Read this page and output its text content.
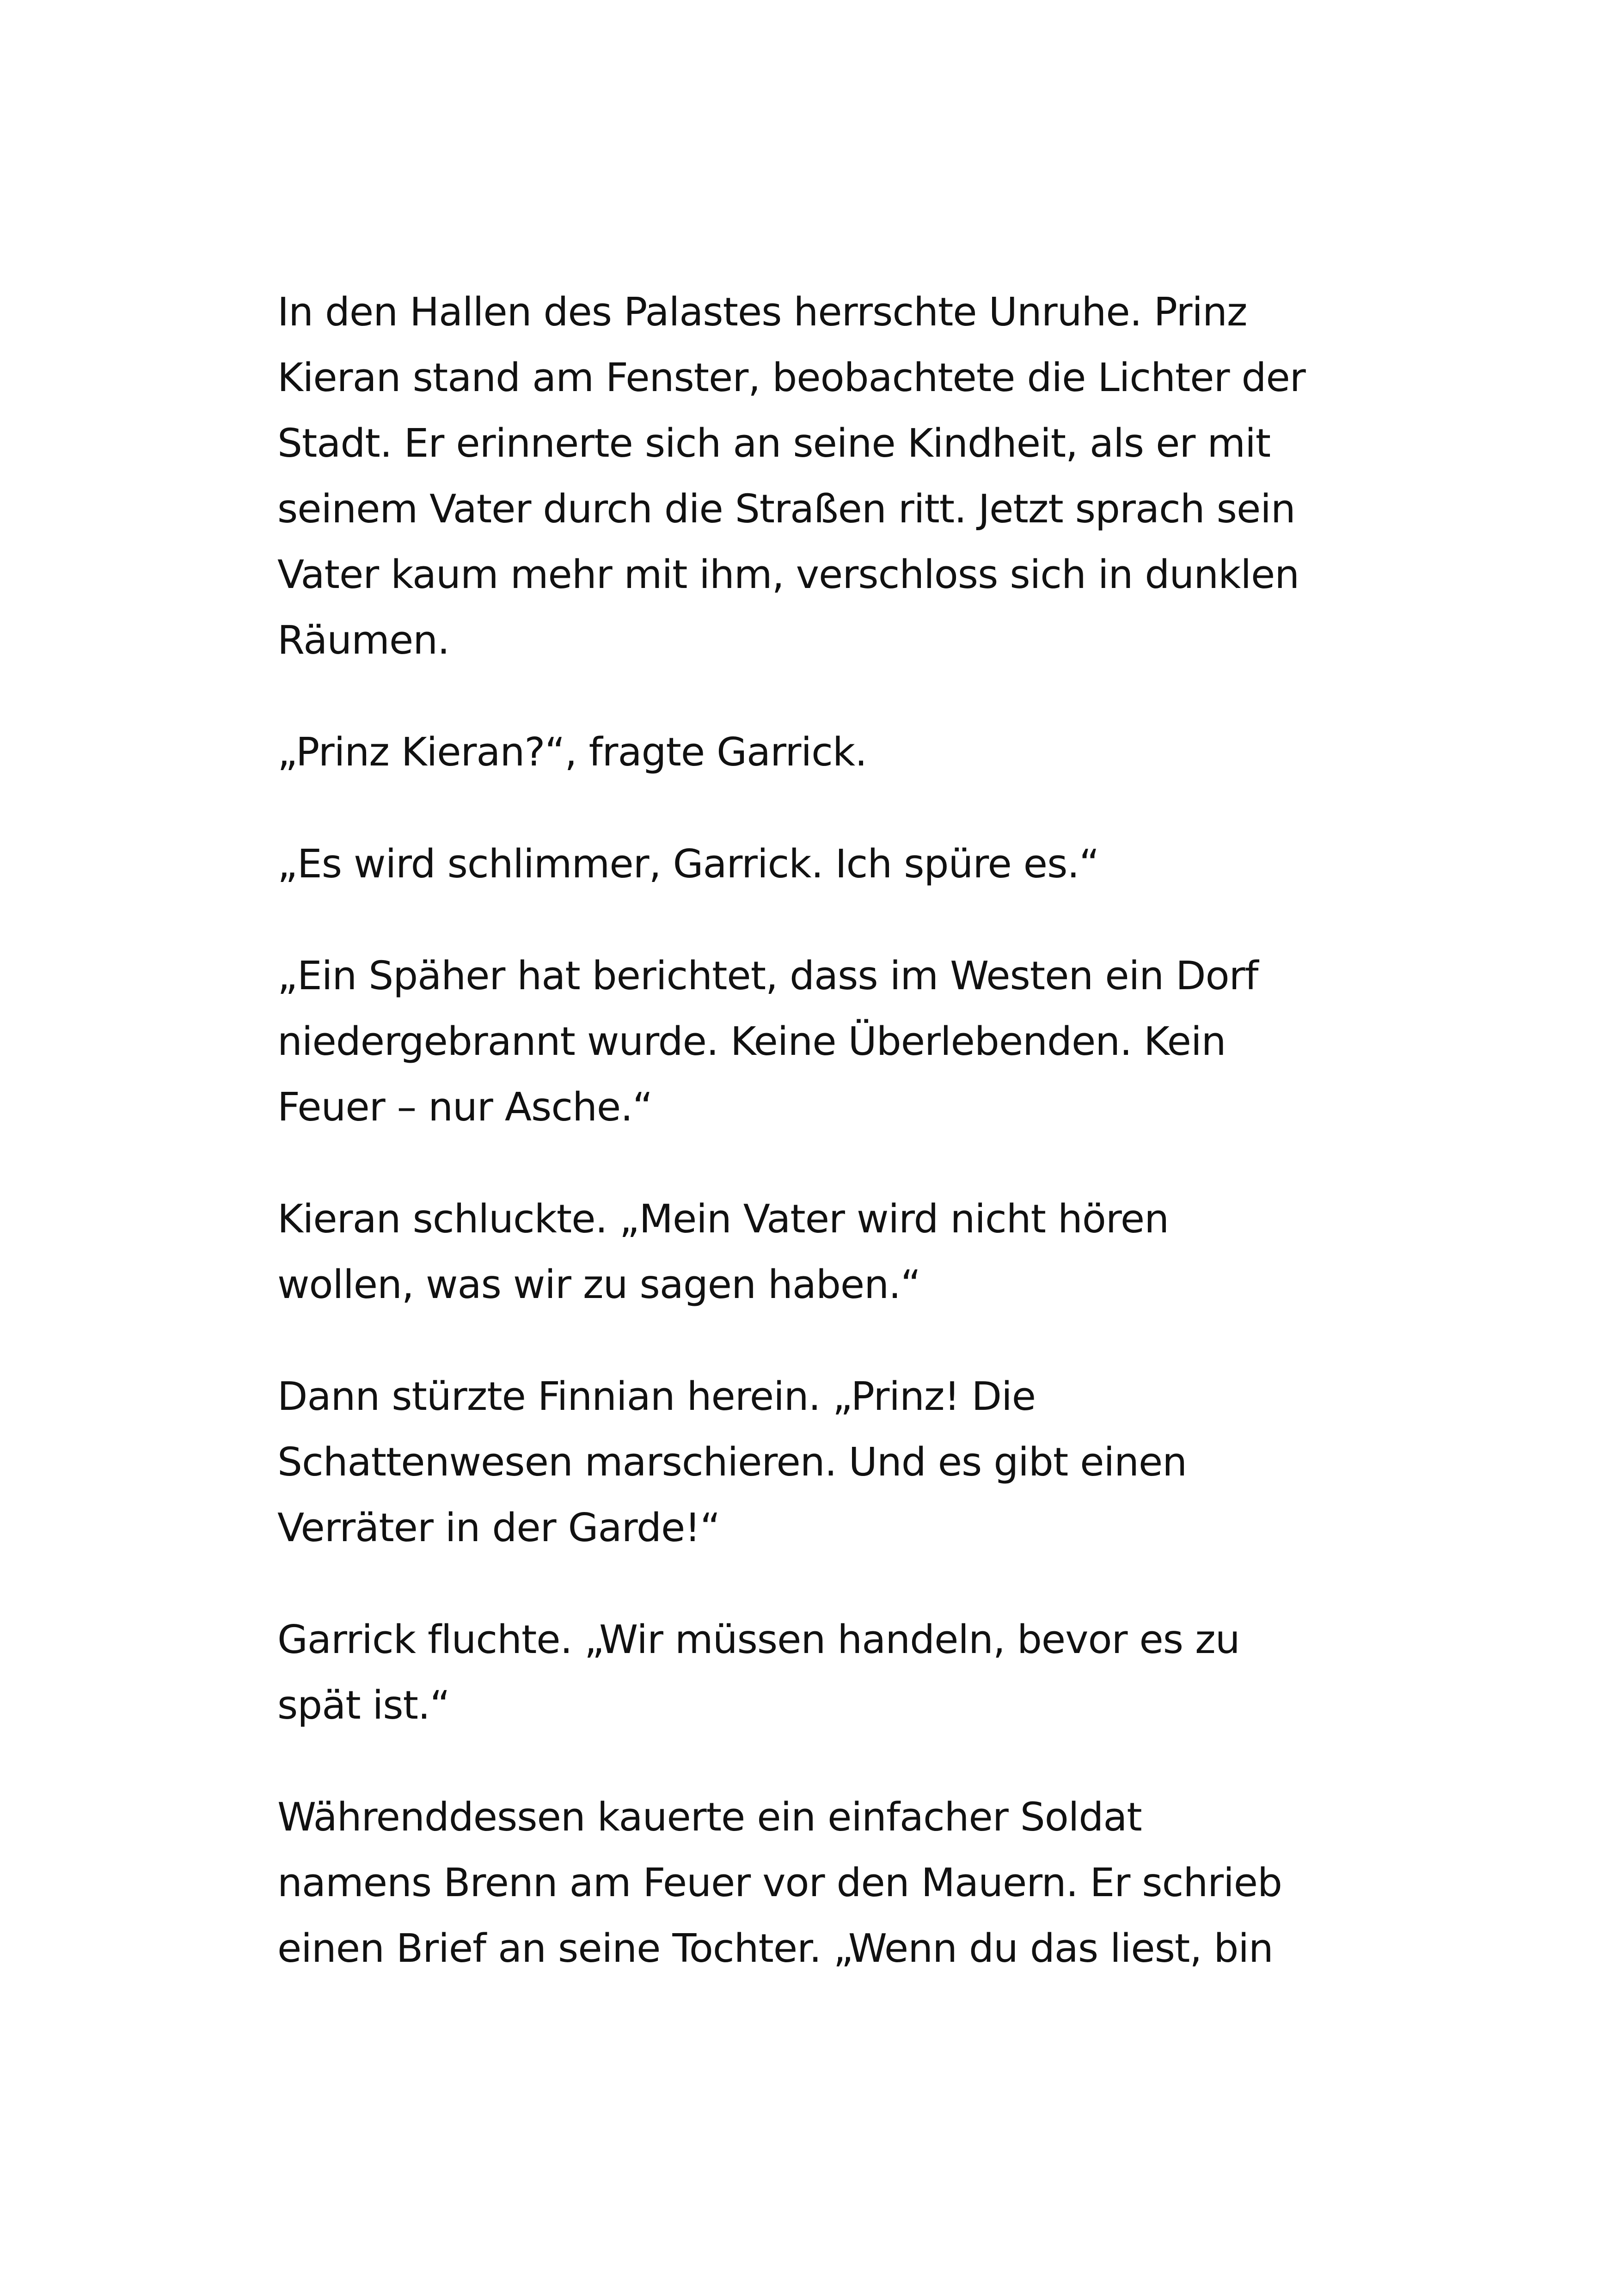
In den Hallen des Palastes herrschte Unruhe. Prinz
Kieran stand am Fenster, beobachtete die Lichter der
Stadt. Er erinnerte sich an seine Kindheit, als er mit
seinem Vater durch die Straßen ritt. Jetzt sprach sein
Vater kaum mehr mit ihm, verschloss sich in dunklen
Räumen.

„Prinz Kieran?“, fragte Garrick.

„Es wird schlimmer, Garrick. Ich spüre es.“

„Ein Späher hat berichtet, dass im Westen ein Dorf
niedergebrannt wurde. Keine Überlebenden. Kein
Feuer – nur Asche.“

Kieran schluckte. „Mein Vater wird nicht hören
wollen, was wir zu sagen haben.“

Dann stürzte Finnian herein. „Prinz! Die
Schattenwesen marschieren. Und es gibt einen
Verräter in der Garde!“

Garrick fluchte. „Wir müssen handeln, bevor es zu
spät ist.“

Währenddessen kauerte ein einfacher Soldat
namens Brenn am Feuer vor den Mauern. Er schrieb
einen Brief an seine Tochter. „Wenn du das liest, bin
